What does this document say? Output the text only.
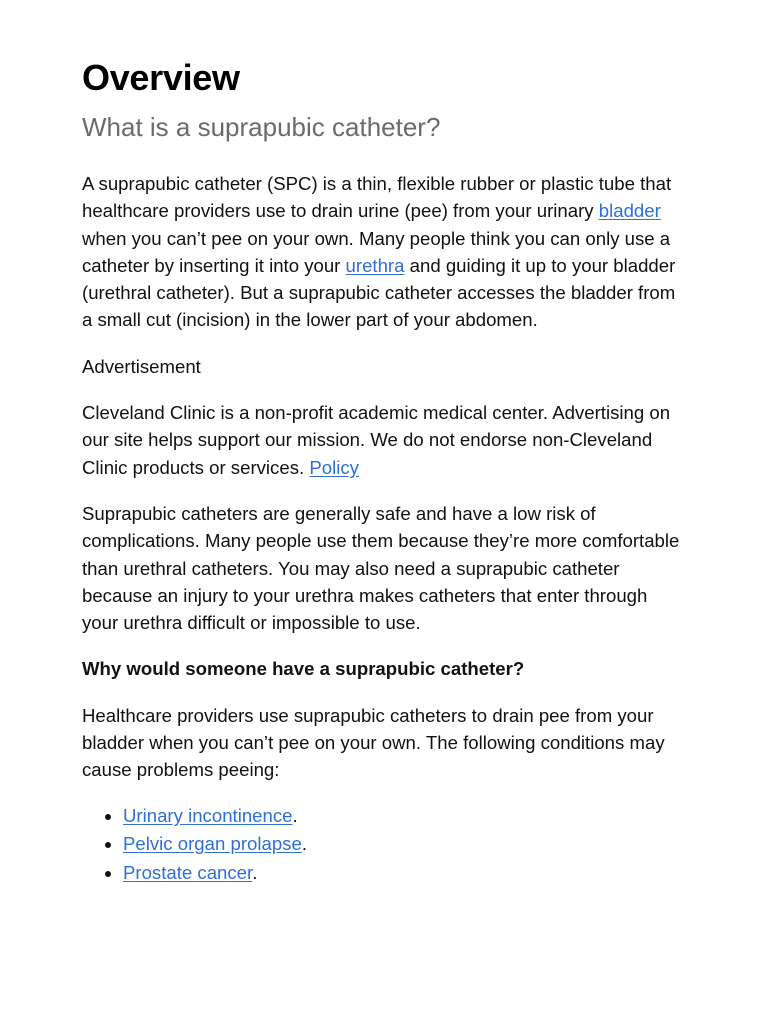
Overview
What is a suprapubic catheter?

A suprapubic catheter (SPC) is a thin, flexible rubber or plastic tube that healthcare providers use to drain urine (pee) from your urinary bladder when you can’t pee on your own. Many people think you can only use a catheter by inserting it into your urethra and guiding it up to your bladder (urethral catheter). But a suprapubic catheter accesses the bladder from a small cut (incision) in the lower part of your abdomen.

Advertisement

Cleveland Clinic is a non-profit academic medical center. Advertising on our site helps support our mission. We do not endorse non-Cleveland Clinic products or services. Policy

Suprapubic catheters are generally safe and have a low risk of complications. Many people use them because they’re more comfortable than urethral catheters. You may also need a suprapubic catheter because an injury to your urethra makes catheters that enter through your urethra difficult or impossible to use.

Why would someone have a suprapubic catheter?

Healthcare providers use suprapubic catheters to drain pee from your bladder when you can’t pee on your own. The following conditions may cause problems peeing:

• Urinary incontinence.
• Pelvic organ prolapse.
• Prostate cancer.
